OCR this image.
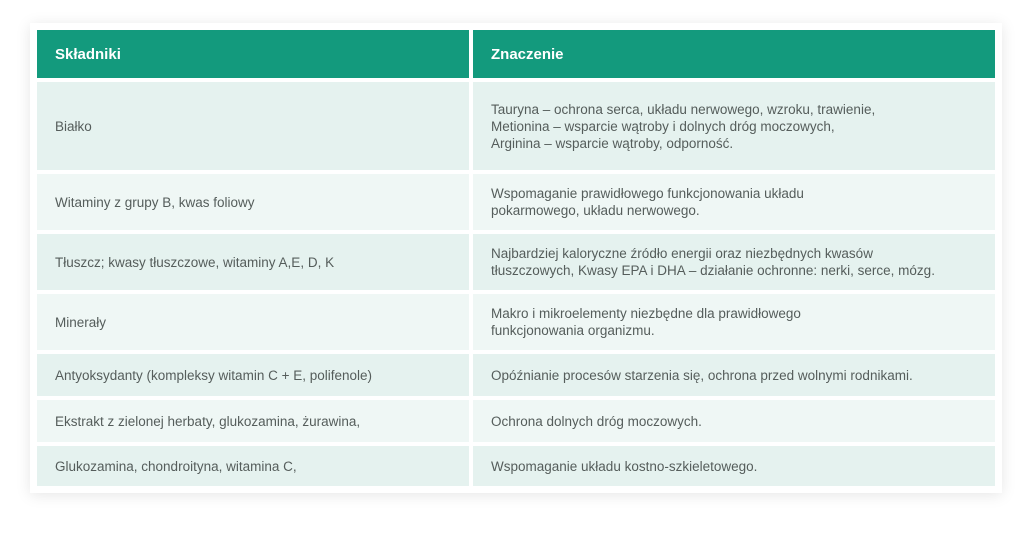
Składniki	Znaczenie
Białko	Tauryna – ochrona serca, układu nerwowego, wzroku, trawienie,
Metionina – wsparcie wątroby i dolnych dróg moczowych,
Arginina – wsparcie wątroby, odporność.

Witaminy z grupy B, kwas foliowy	Wspomaganie prawidłowego funkcjonowania układu
pokarmowego, układu nerwowego.

Tłuszcz; kwasy tłuszczowe, witaminy A,E, D, K	Najbardziej kaloryczne źródło energii oraz niezbędnych kwasów
tłuszczowych, Kwasy EPA i DHA – działanie ochronne: nerki, serce, mózg.

Minerały	Makro i mikroelementy niezbędne dla prawidłowego
funkcjonowania organizmu.

Antyoksydanty (kompleksy witamin C + E, polifenole)	Opóźnianie procesów starzenia się, ochrona przed wolnymi rodnikami.

Ekstrakt z zielonej herbaty, glukozamina, żurawina,	Ochrona dolnych dróg moczowych.

Glukozamina, chondroityna, witamina C,	Wspomaganie układu kostno-szkieletowego.
